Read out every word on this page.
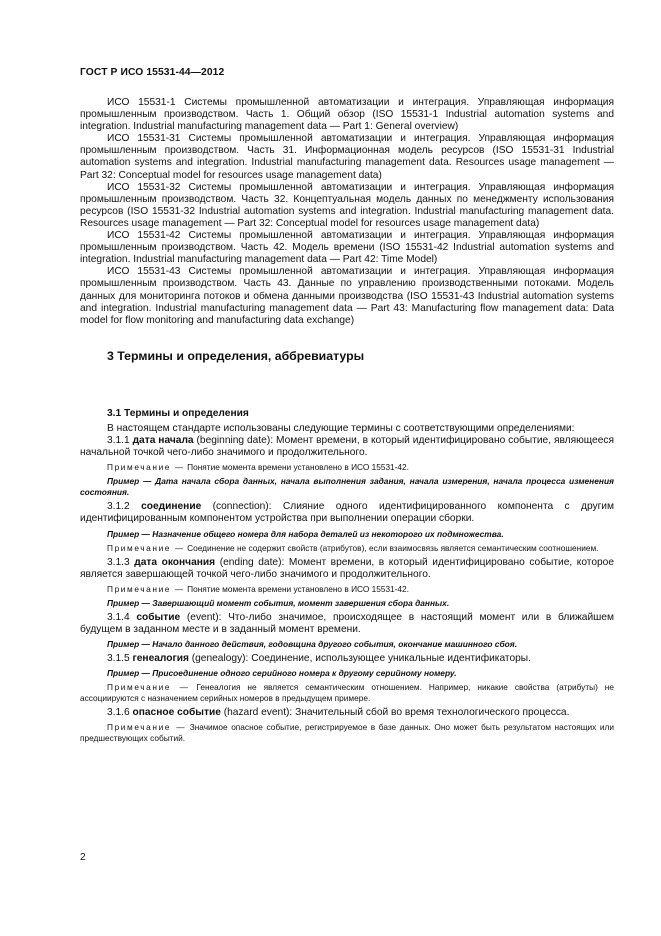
ГОСТ Р ИСО 15531-44—2012

ИСО 15531-1 Системы промышленной автоматизации и интеграция. Управляющая информация промышленным производством. Часть 1. Общий обзор (ISO 15531-1 Industrial automation systems and integration. Industrial manufacturing management data — Part 1: General overview)

ИСО 15531-31 Системы промышленной автоматизации и интеграция. Управляющая информация промышленным производством. Часть 31. Информационная модель ресурсов (ISO 15531-31 Industrial automation systems and integration. Industrial manufacturing management data. Resources usage management — Part 32: Conceptual model for resources usage management data)

ИСО 15531-32 Системы промышленной автоматизации и интеграция. Управляющая информация промышленным производством. Часть 32. Концептуальная модель данных по менеджменту использования ресурсов (ISO 15531-32 Industrial automation systems and integration. Industrial manufacturing management data. Resources usage management — Part 32: Conceptual model for resources usage management data)

ИСО 15531-42 Системы промышленной автоматизации и интеграция. Управляющая информация промышленным производством. Часть 42. Модель времени (ISO 15531-42 Industrial automation systems and integration. Industrial manufacturing management data — Part 42: Time Model)

ИСО 15531-43 Системы промышленной автоматизации и интеграция. Управляющая информация промышленным производством. Часть 43. Данные по управлению производственными потоками. Модель данных для мониторинга потоков и обмена данными производства (ISO 15531-43 Industrial automation systems and integration. Industrial manufacturing management data — Part 43: Manufacturing flow management data: Data model for flow monitoring and manufacturing data exchange)

3 Термины и определения, аббревиатуры

3.1 Термины и определения

В настоящем стандарте использованы следующие термины с соответствующими определениями:

3.1.1 дата начала (beginning date): Момент времени, в который идентифицировано событие, являющееся начальной точкой чего-либо значимого и продолжительного.

Примечание — Понятие момента времени установлено в ИСО 15531-42.

Пример — Дата начала сбора данных, начала выполнения задания, начала измерения, начала процесса изменения состояния.

3.1.2 соединение (connection): Слияние одного идентифицированного компонента с другим идентифицированным компонентом устройства при выполнении операции сборки.

Пример — Назначение общего номера для набора деталей из некоторого их подмножества.

Примечание — Соединение не содержит свойств (атрибутов), если взаимосвязь является семантическим соотношением.

3.1.3 дата окончания (ending date): Момент времени, в который идентифицировано событие, которое является завершающей точкой чего-либо значимого и продолжительного.

Примечание — Понятие момента времени установлено в ИСО 15531-42.

Пример — Завершающий момент события, момент завершения сбора данных.

3.1.4 событие (event): Что-либо значимое, происходящее в настоящий момент или в ближайшем будущем в заданном месте и в заданный момент времени.

Пример — Начало данного действия, годовщина другого события, окончание машинного сбоя.

3.1.5 генеалогия (genealogy): Соединение, использующее уникальные идентификаторы.

Пример — Присоединение одного серийного номера к другому серийному номеру.

Примечание — Генеалогия не является семантическим отношением. Например, никакие свойства (атрибуты) не ассоциируются с назначением серийных номеров в предыдущем примере.

3.1.6 опасное событие (hazard event): Значительный сбой во время технологического процесса.

Примечание — Значимое опасное событие, регистрируемое в базе данных. Оно может быть результатом настоящих или предшествующих событий.

2
